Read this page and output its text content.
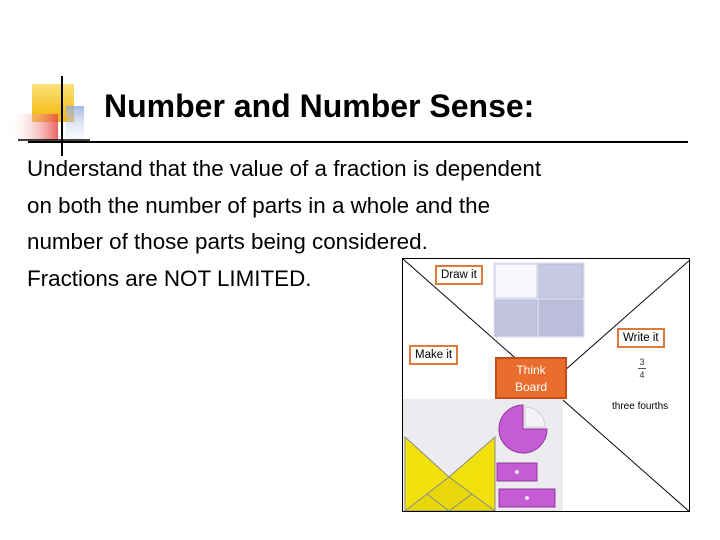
Number and Number Sense:
Understand that the value of a fraction is dependent
on both the number of parts in a whole and the
number of those parts being considered.
Fractions are NOT LIMITED.	Draw it
Write it
Make it
Think
Board
3
4
three fourths
